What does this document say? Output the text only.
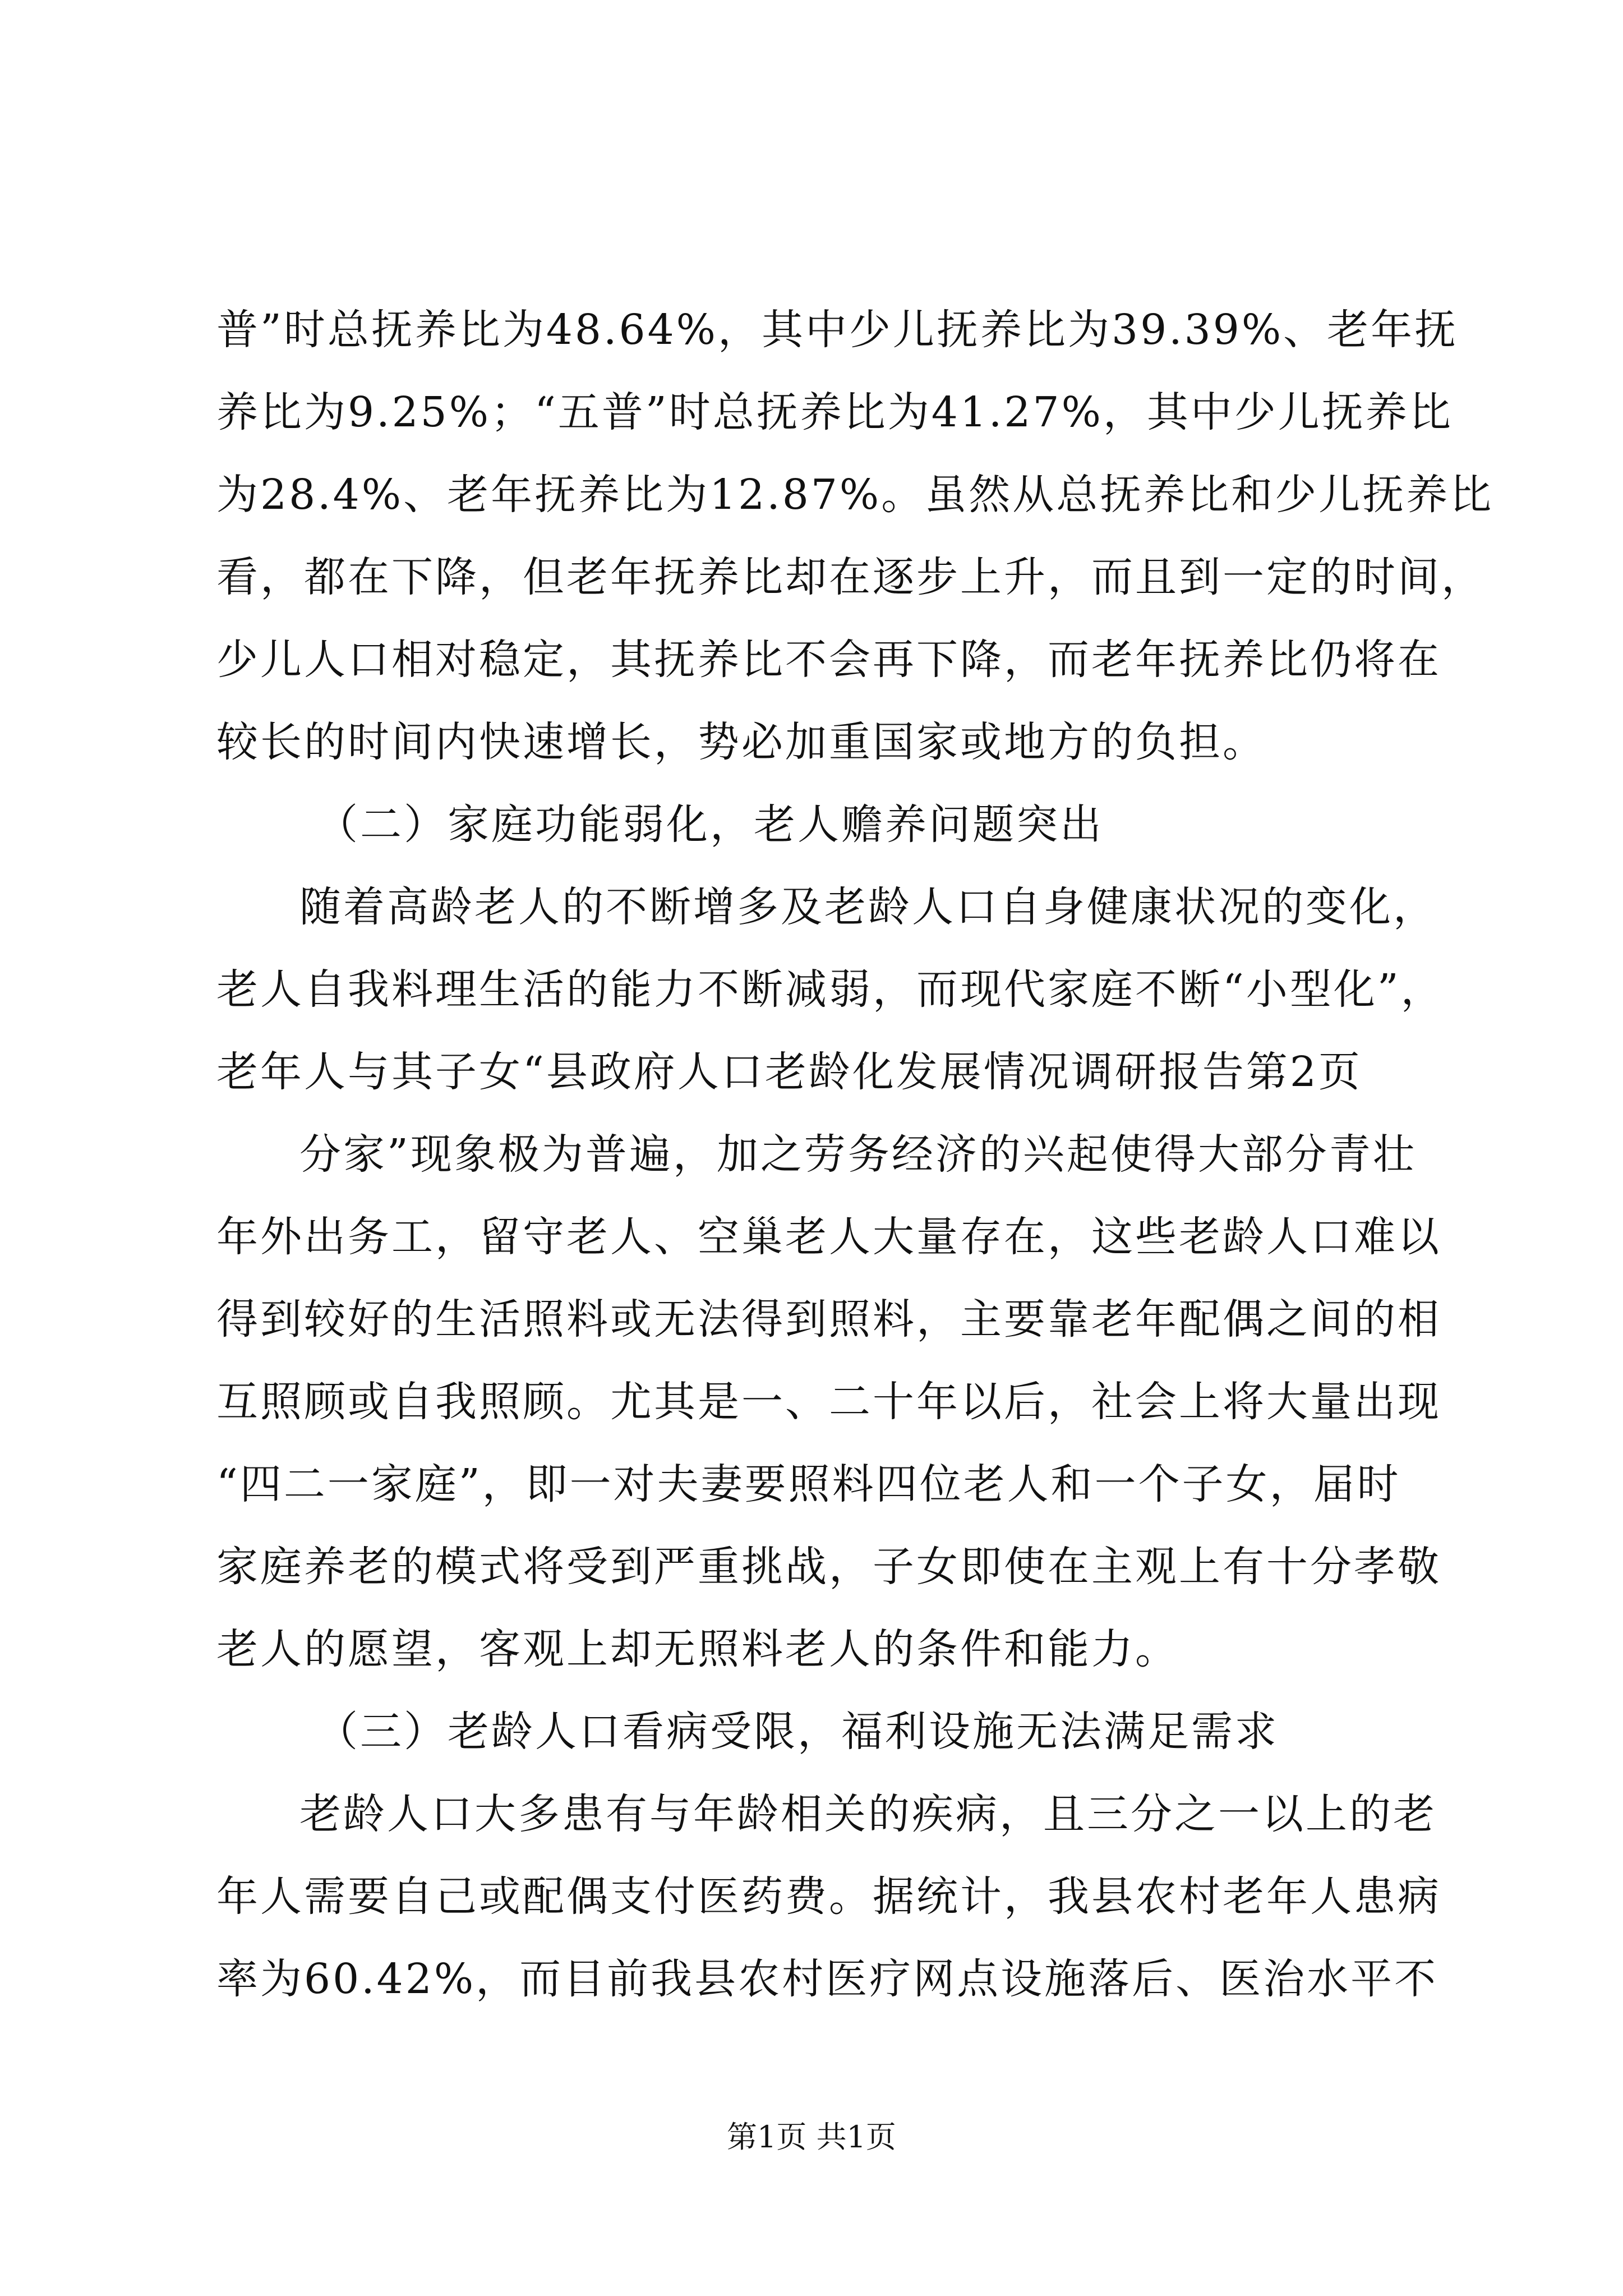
普”时总抚养比为48.64%，其中少儿抚养比为39.39%、老年抚
养比为9.25%；“五普”时总抚养比为41.27%，其中少儿抚养比
为28.4%、老年抚养比为12.87%。虽然从总抚养比和少儿抚养比
看，都在下降，但老年抚养比却在逐步上升，而且到一定的时间，
少儿人口相对稳定，其抚养比不会再下降，而老年抚养比仍将在
较长的时间内快速增长，势必加重国家或地方的负担。
（二）家庭功能弱化，老人赡养问题突出
随着高龄老人的不断增多及老龄人口自身健康状况的变化，
老人自我料理生活的能力不断减弱，而现代家庭不断“小型化”，
老年人与其子女“县政府人口老龄化发展情况调研报告第2页
分家”现象极为普遍，加之劳务经济的兴起使得大部分青壮
年外出务工，留守老人、空巢老人大量存在，这些老龄人口难以
得到较好的生活照料或无法得到照料，主要靠老年配偶之间的相
互照顾或自我照顾。尤其是一、二十年以后，社会上将大量出现
“四二一家庭”，即一对夫妻要照料四位老人和一个子女，届时
家庭养老的模式将受到严重挑战，子女即使在主观上有十分孝敬
老人的愿望，客观上却无照料老人的条件和能力。
（三）老龄人口看病受限，福利设施无法满足需求
老龄人口大多患有与年龄相关的疾病，且三分之一以上的老
年人需要自己或配偶支付医药费。据统计，我县农村老年人患病
率为60.42%，而目前我县农村医疗网点设施落后、医治水平不
第1页 共1页
